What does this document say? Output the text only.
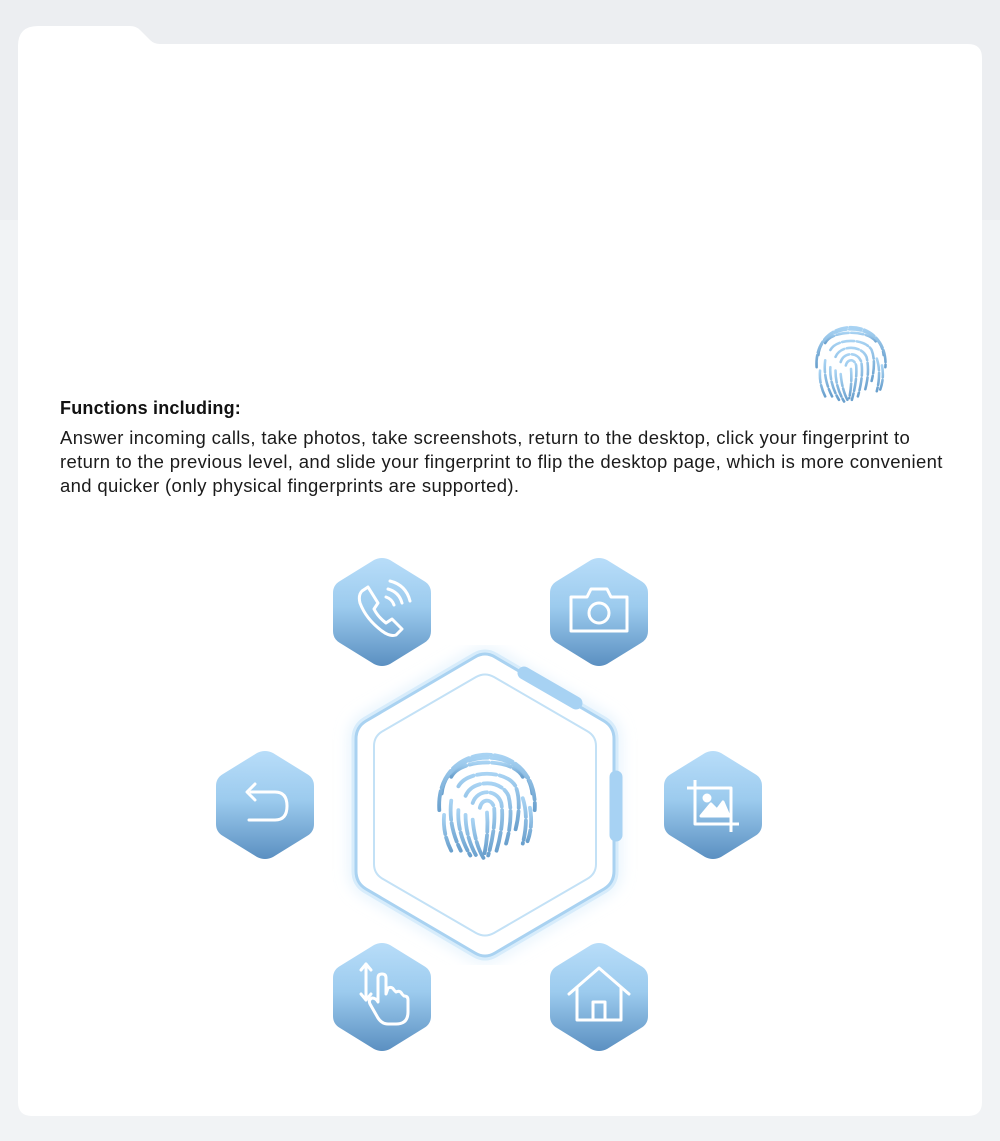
Functions including:
Answer incoming calls, take photos, take screenshots, return to the desktop, click your fingerprint to return to the previous level, and slide your fingerprint to flip the desktop page, which is more convenient and quicker (only physical fingerprints are supported).
